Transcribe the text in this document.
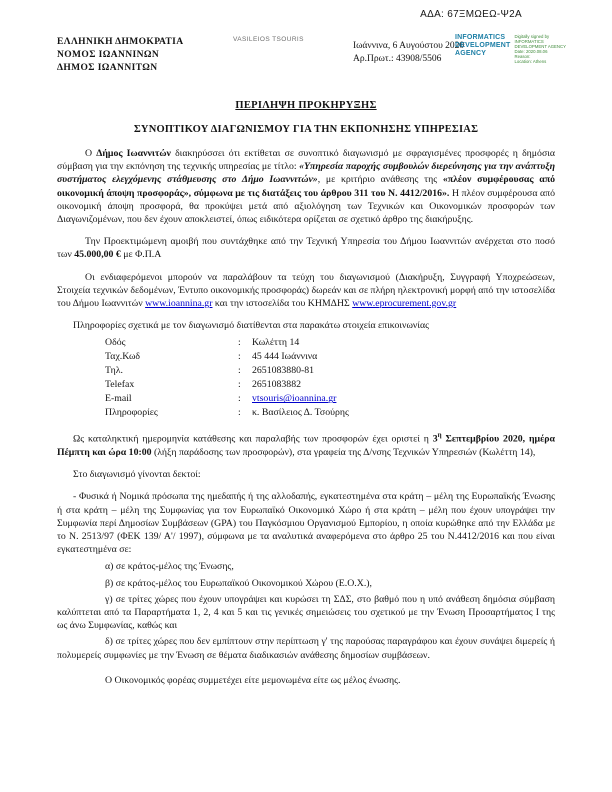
ΑΔΑ: 67ΞΜΩΕΩ-Ψ2Α
ΕΛΛΗΝΙΚΗ ΔΗΜΟΚΡΑΤΙΑ
ΝΟΜΟΣ ΙΩΑΝΝΙΝΩΝ
ΔΗΜΟΣ ΙΩΑΝΝΙΤΩΝ
VASILEIOS TSOURIS
Ιωάννινα, 6 Αυγούστου 2020
Αρ.Πρωτ.: 43908/5506
INFORMATICS
DEVELOPMENT
AGENCY
Digitally signed by
INFORMATICS
DEVELOPMENT AGENCY
Date: 2020.08.06
Reason:
Location: Athens
ΠΕΡΙΛΗΨΗ ΠΡΟΚΗΡΥΞΗΣ
ΣΥΝΟΠΤΙΚΟΥ ΔΙΑΓΩΝΙΣΜΟΥ ΓΙΑ ΤΗΝ ΕΚΠΟΝΗΣΗΣ ΥΠΗΡΕΣΙΑΣ

Ο Δήμος Ιωαννιτών διακηρύσσει ότι εκτίθεται σε συνοπτικό διαγωνισμό με σφραγισμένες προσφορές η δημόσια σύμβαση για την εκπόνηση της τεχνικής υπηρεσίας με τίτλο: «Υπηρεσία παροχής συμβουλών διερεύνησης για την ανάπτυξη συστήματος ελεγχόμενης στάθμευσης στο Δήμο Ιωαννιτών», με κριτήριο ανάθεσης της «πλέον συμφέρουσας από οικονομική άποψη προσφοράς», σύμφωνα με τις διατάξεις του άρθρου 311 του Ν. 4412/2016». Η πλέον συμφέρουσα από οικονομική άποψη προσφορά, θα προκύψει μετά από αξιολόγηση των Τεχνικών και Οικονομικών προσφορών των Διαγωνιζομένων, που δεν έχουν αποκλειστεί, όπως ειδικότερα ορίζεται σε σχετικό άρθρο της διακήρυξης.

Την Προεκτιμώμενη αμοιβή που συντάχθηκε από την Τεχνική Υπηρεσία του Δήμου Ιωαννιτών ανέρχεται στο ποσό των 45.000,00 € με Φ.Π.Α

Οι ενδιαφερόμενοι μπορούν να παραλάβουν τα τεύχη του διαγωνισμού (Διακήρυξη, Συγγραφή Υποχρεώσεων, Στοιχεία τεχνικών δεδομένων, Έντυπο οικονομικής προσφοράς) δωρεάν και σε πλήρη ηλεκτρονική μορφή από την ιστοσελίδα του Δήμου Ιωαννιτών www.ioannina.gr και την ιστοσελίδα του ΚΗΜΔΗΣ www.eprocurement.gov.gr

Πληροφορίες σχετικά με τον διαγωνισμό διατίθενται στα παρακάτω στοιχεία επικοινωνίας

Οδός	:	Κωλέττη 14
Ταχ.Κωδ	:	45 444 Ιωάννινα
Τηλ.	:	2651083880-81
Telefax	:	2651083882
E-mail	:	vtsouris@ioannina.gr
Πληροφορίες	:	κ. Βασίλειος Δ. Τσούρης

Ως καταληκτική ημερομηνία κατάθεσης και παραλαβής των προσφορών έχει οριστεί η $3^\eta$ Σεπτεμβρίου 2020, ημέρα Πέμπτη και ώρα 10:00 (λήξη παράδοσης των προσφορών), στα γραφεία της Δ/νσης Τεχνικών Υπηρεσιών (Κωλέττη 14),

Στο διαγωνισμό γίνονται δεκτοί:

- Φυσικά ή Νομικά πρόσωπα της ημεδαπής ή της αλλοδαπής, εγκατεστημένα στα κράτη – μέλη της Ευρωπαϊκής Ένωσης ή στα κράτη – μέλη της Συμφωνίας για τον Ευρωπαϊκό Οικονομικό Χώρο ή στα κράτη – μέλη που έχουν υπογράψει την Συμφωνία περί Δημοσίων Συμβάσεων (GPA) του Παγκόσμιου Οργανισμού Εμπορίου, η οποία κυρώθηκε από την Ελλάδα με το Ν. 2513/97 (ΦΕΚ 139/ Α'/ 1997), σύμφωνα με τα αναλυτικά αναφερόμενα στο άρθρο 25 του Ν.4412/2016 και που είναι εγκατεστημένα σε:

α) σε κράτος-μέλος της Ένωσης,

β) σε κράτος-μέλος του Ευρωπαϊκού Οικονομικού Χώρου (Ε.Ο.Χ.),

γ) σε τρίτες χώρες που έχουν υπογράψει και κυρώσει τη ΣΔΣ, στο βαθμό που η υπό ανάθεση δημόσια σύμβαση καλύπτεται από τα Παραρτήματα 1, 2, 4 και 5 και τις γενικές σημειώσεις του σχετικού με την Ένωση Προσαρτήματος Ι της ως άνω Συμφωνίας, καθώς και

δ) σε τρίτες χώρες που δεν εμπίπτουν στην περίπτωση γ' της παρούσας παραγράφου και έχουν συνάψει διμερείς ή πολυμερείς συμφωνίες με την Ένωση σε θέματα διαδικασιών ανάθεσης δημοσίων συμβάσεων.

Ο Οικονομικός φορέας συμμετέχει είτε μεμονωμένα είτε ως μέλος ένωσης.
